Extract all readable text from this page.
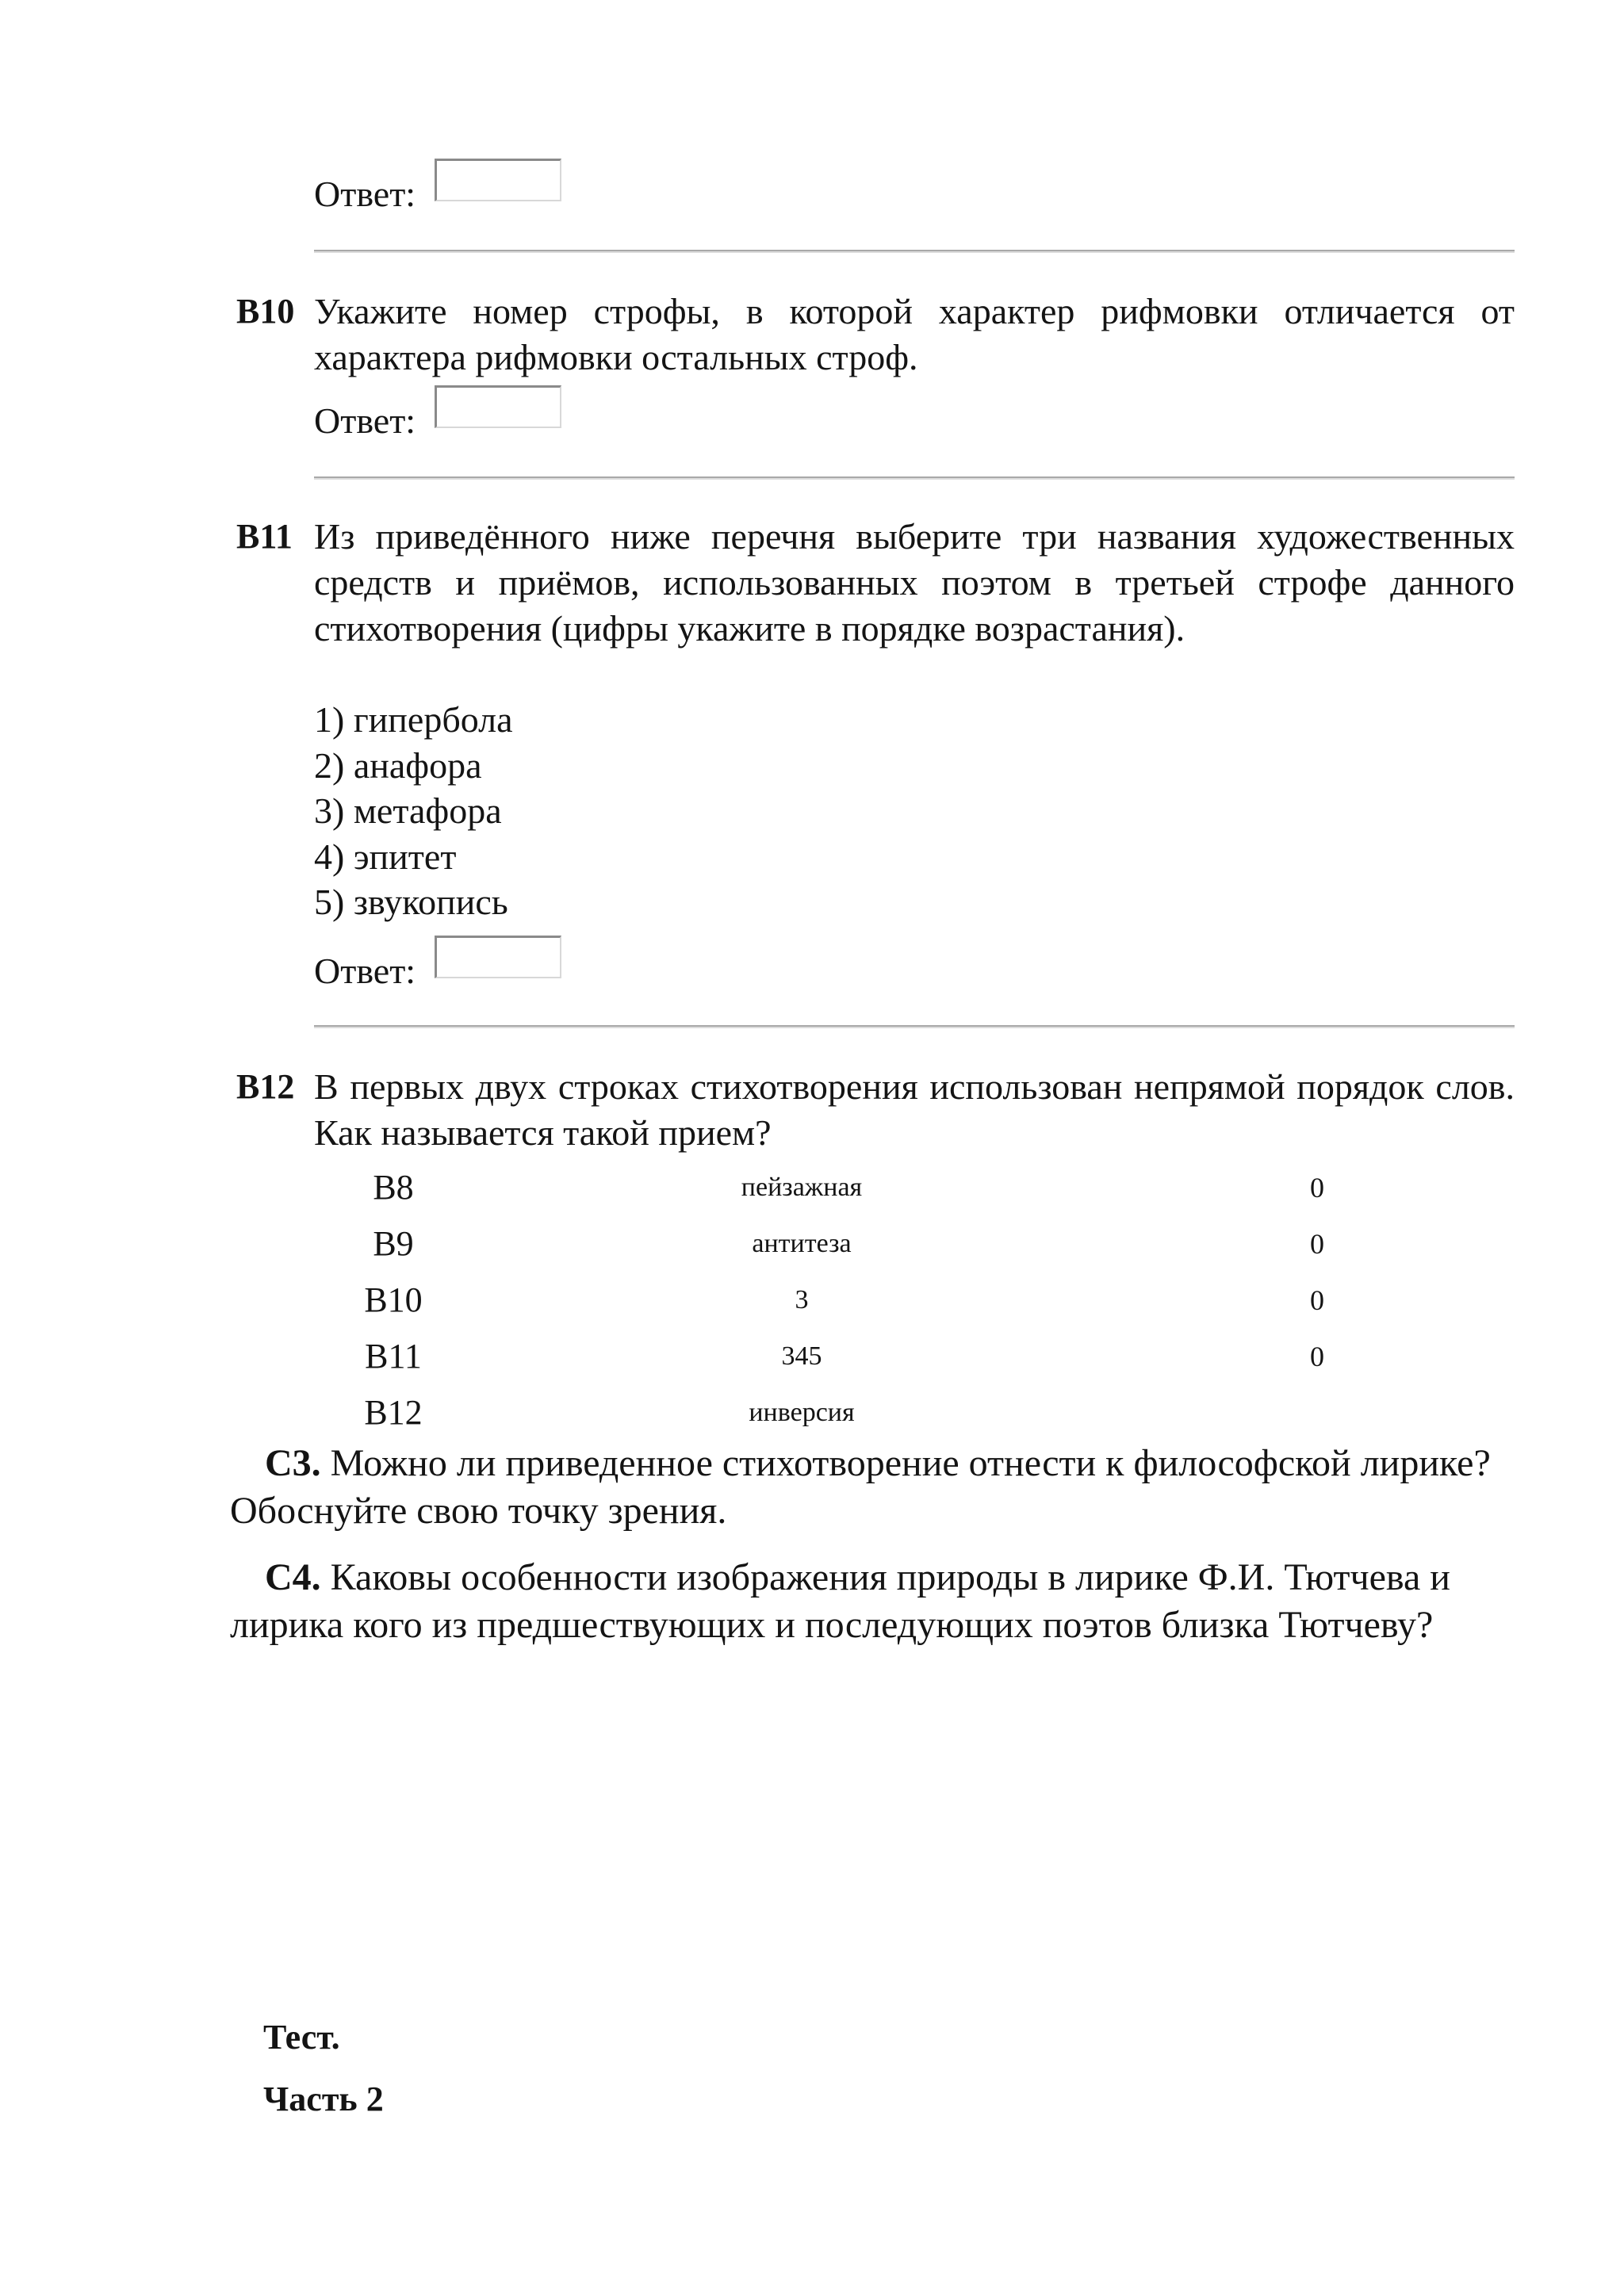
Ответ:
B10 Укажите номер строфы, в которой характер рифмовки отличается от характера рифмовки остальных строф.
Ответ:
B11 Из приведённого ниже перечня выберите три названия художественных средств и приёмов, использованных поэтом в третьей строфе данного стихотворения (цифры укажите в порядке возрастания).
1) гипербола
2) анафора
3) метафора
4) эпитет
5) звукопись
Ответ:
B12 В первых двух строках стихотворения использован непрямой порядок слов. Как называется такой прием?
B8	пейзажная	0
B9	антитеза	0
B10	3	0
B11	345	0
B12	инверсия	
С3. Можно ли приведенное стихотворение отнести к философской лирике? Обоснуйте свою точку зрения.
С4. Каковы особенности изображения природы в лирике Ф.И. Тютчева и лирика кого из предшествующих и последующих поэтов близка Тютчеву?
Тест.
Часть 2
